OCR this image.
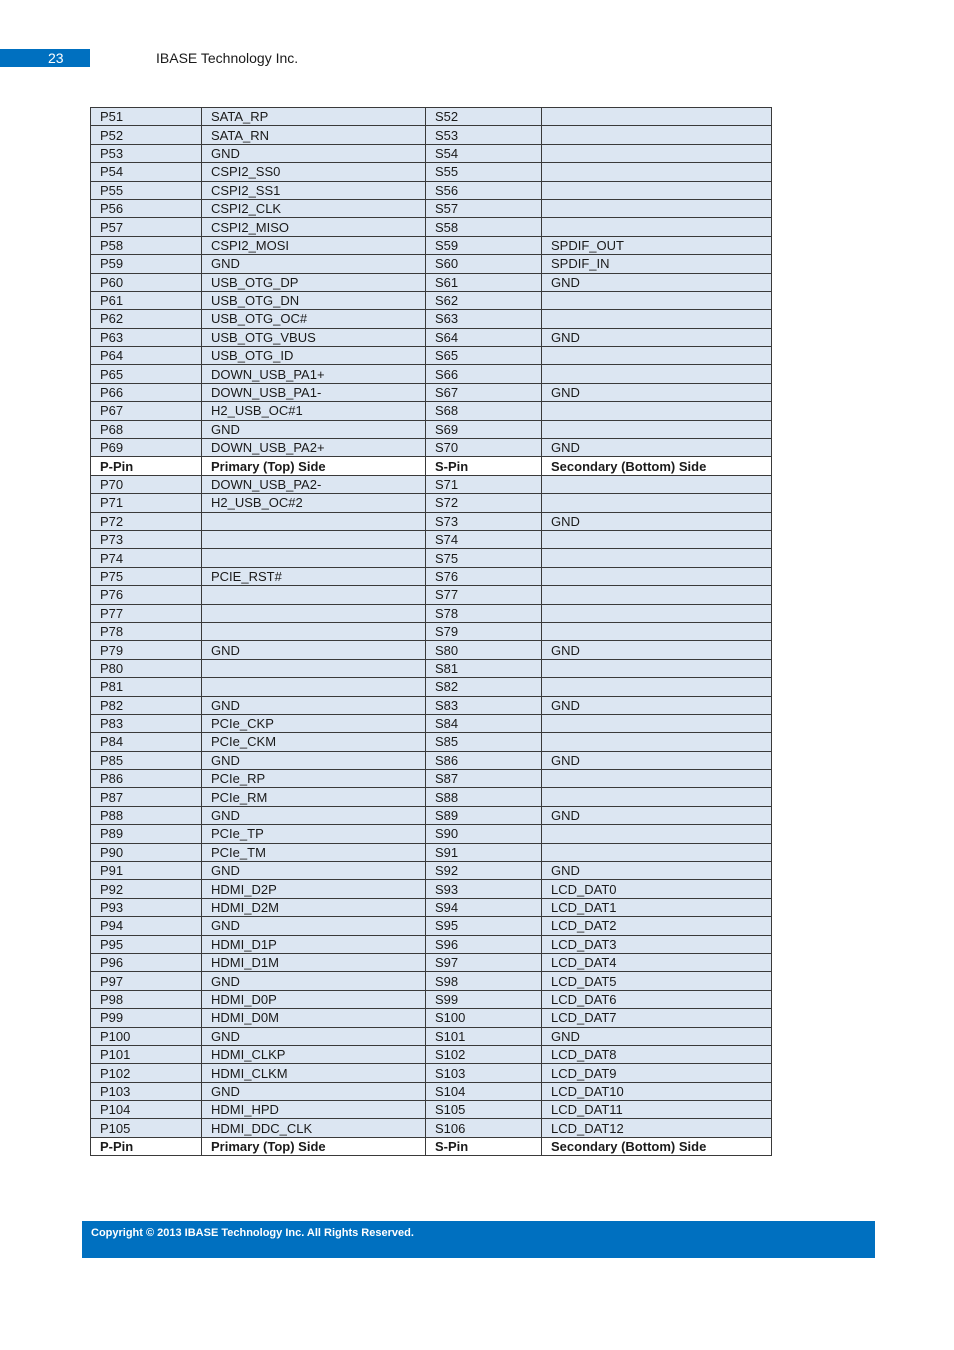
23	IBASE Technology Inc.
P51	SATA_RP	S52	
P52	SATA_RN	S53	
P53	GND	S54	
P54	CSPI2_SS0	S55	
P55	CSPI2_SS1	S56	
P56	CSPI2_CLK	S57	
P57	CSPI2_MISO	S58	
P58	CSPI2_MOSI	S59	SPDIF_OUT
P59	GND	S60	SPDIF_IN
P60	USB_OTG_DP	S61	GND
P61	USB_OTG_DN	S62	
P62	USB_OTG_OC#	S63	
P63	USB_OTG_VBUS	S64	GND
P64	USB_OTG_ID	S65	
P65	DOWN_USB_PA1+	S66	
P66	DOWN_USB_PA1-	S67	GND
P67	H2_USB_OC#1	S68	
P68	GND	S69	
P69	DOWN_USB_PA2+	S70	GND
P-Pin	Primary (Top) Side	S-Pin	Secondary (Bottom) Side
P70	DOWN_USB_PA2-	S71	
P71	H2_USB_OC#2	S72	
P72		S73	GND
P73		S74	
P74		S75	
P75	PCIE_RST#	S76	
P76		S77	
P77		S78	
P78		S79	
P79	GND	S80	GND
P80		S81	
P81		S82	
P82	GND	S83	GND
P83	PCIe_CKP	S84	
P84	PCIe_CKM	S85	
P85	GND	S86	GND
P86	PCIe_RP	S87	
P87	PCIe_RM	S88	
P88	GND	S89	GND
P89	PCIe_TP	S90	
P90	PCIe_TM	S91	
P91	GND	S92	GND
P92	HDMI_D2P	S93	LCD_DAT0
P93	HDMI_D2M	S94	LCD_DAT1
P94	GND	S95	LCD_DAT2
P95	HDMI_D1P	S96	LCD_DAT3
P96	HDMI_D1M	S97	LCD_DAT4
P97	GND	S98	LCD_DAT5
P98	HDMI_D0P	S99	LCD_DAT6
P99	HDMI_D0M	S100	LCD_DAT7
P100	GND	S101	GND
P101	HDMI_CLKP	S102	LCD_DAT8
P102	HDMI_CLKM	S103	LCD_DAT9
P103	GND	S104	LCD_DAT10
P104	HDMI_HPD	S105	LCD_DAT11
P105	HDMI_DDC_CLK	S106	LCD_DAT12
P-Pin	Primary (Top) Side	S-Pin	Secondary (Bottom) Side
Copyright © 2013 IBASE Technology Inc. All Rights Reserved.
